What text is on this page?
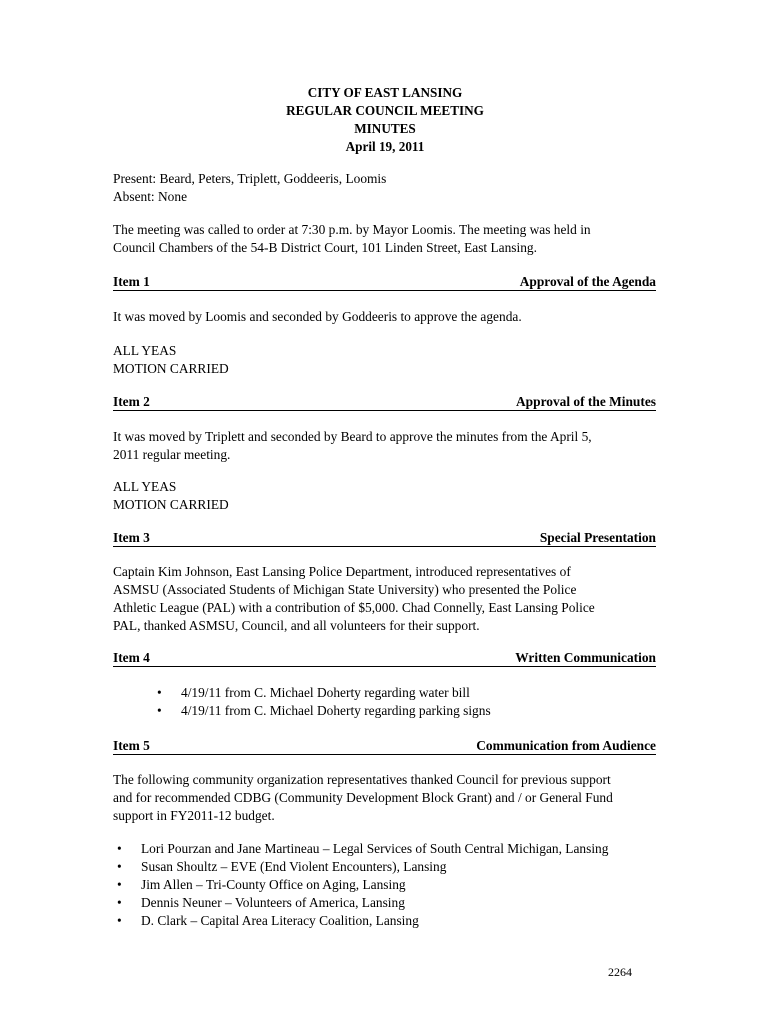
CITY OF EAST LANSING
REGULAR COUNCIL MEETING
MINUTES
April 19, 2011
Present: Beard, Peters, Triplett, Goddeeris, Loomis
Absent: None
The meeting was called to order at 7:30 p.m. by Mayor Loomis. The meeting was held in
Council Chambers of the 54-B District Court, 101 Linden Street, East Lansing.
Item 1	Approval of the Agenda
It was moved by Loomis and seconded by Goddeeris to approve the agenda.
ALL YEAS
MOTION CARRIED
Item 2	Approval of the Minutes
It was moved by Triplett and seconded by Beard to approve the minutes from the April 5,
2011 regular meeting.
ALL YEAS
MOTION CARRIED
Item 3	Special Presentation
Captain Kim Johnson, East Lansing Police Department, introduced representatives of
ASMSU (Associated Students of Michigan State University) who presented the Police
Athletic League (PAL) with a contribution of $5,000. Chad Connelly, East Lansing Police
PAL, thanked ASMSU, Council, and all volunteers for their support.
Item 4	Written Communication
• 4/19/11 from C. Michael Doherty regarding water bill
• 4/19/11 from C. Michael Doherty regarding parking signs
Item 5	Communication from Audience
The following community organization representatives thanked Council for previous support
and for recommended CDBG (Community Development Block Grant) and / or General Fund
support in FY2011-12 budget.
• Lori Pourzan and Jane Martineau – Legal Services of South Central Michigan, Lansing
• Susan Shoultz – EVE (End Violent Encounters), Lansing
• Jim Allen – Tri-County Office on Aging, Lansing
• Dennis Neuner – Volunteers of America, Lansing
• D. Clark – Capital Area Literacy Coalition, Lansing
2264
